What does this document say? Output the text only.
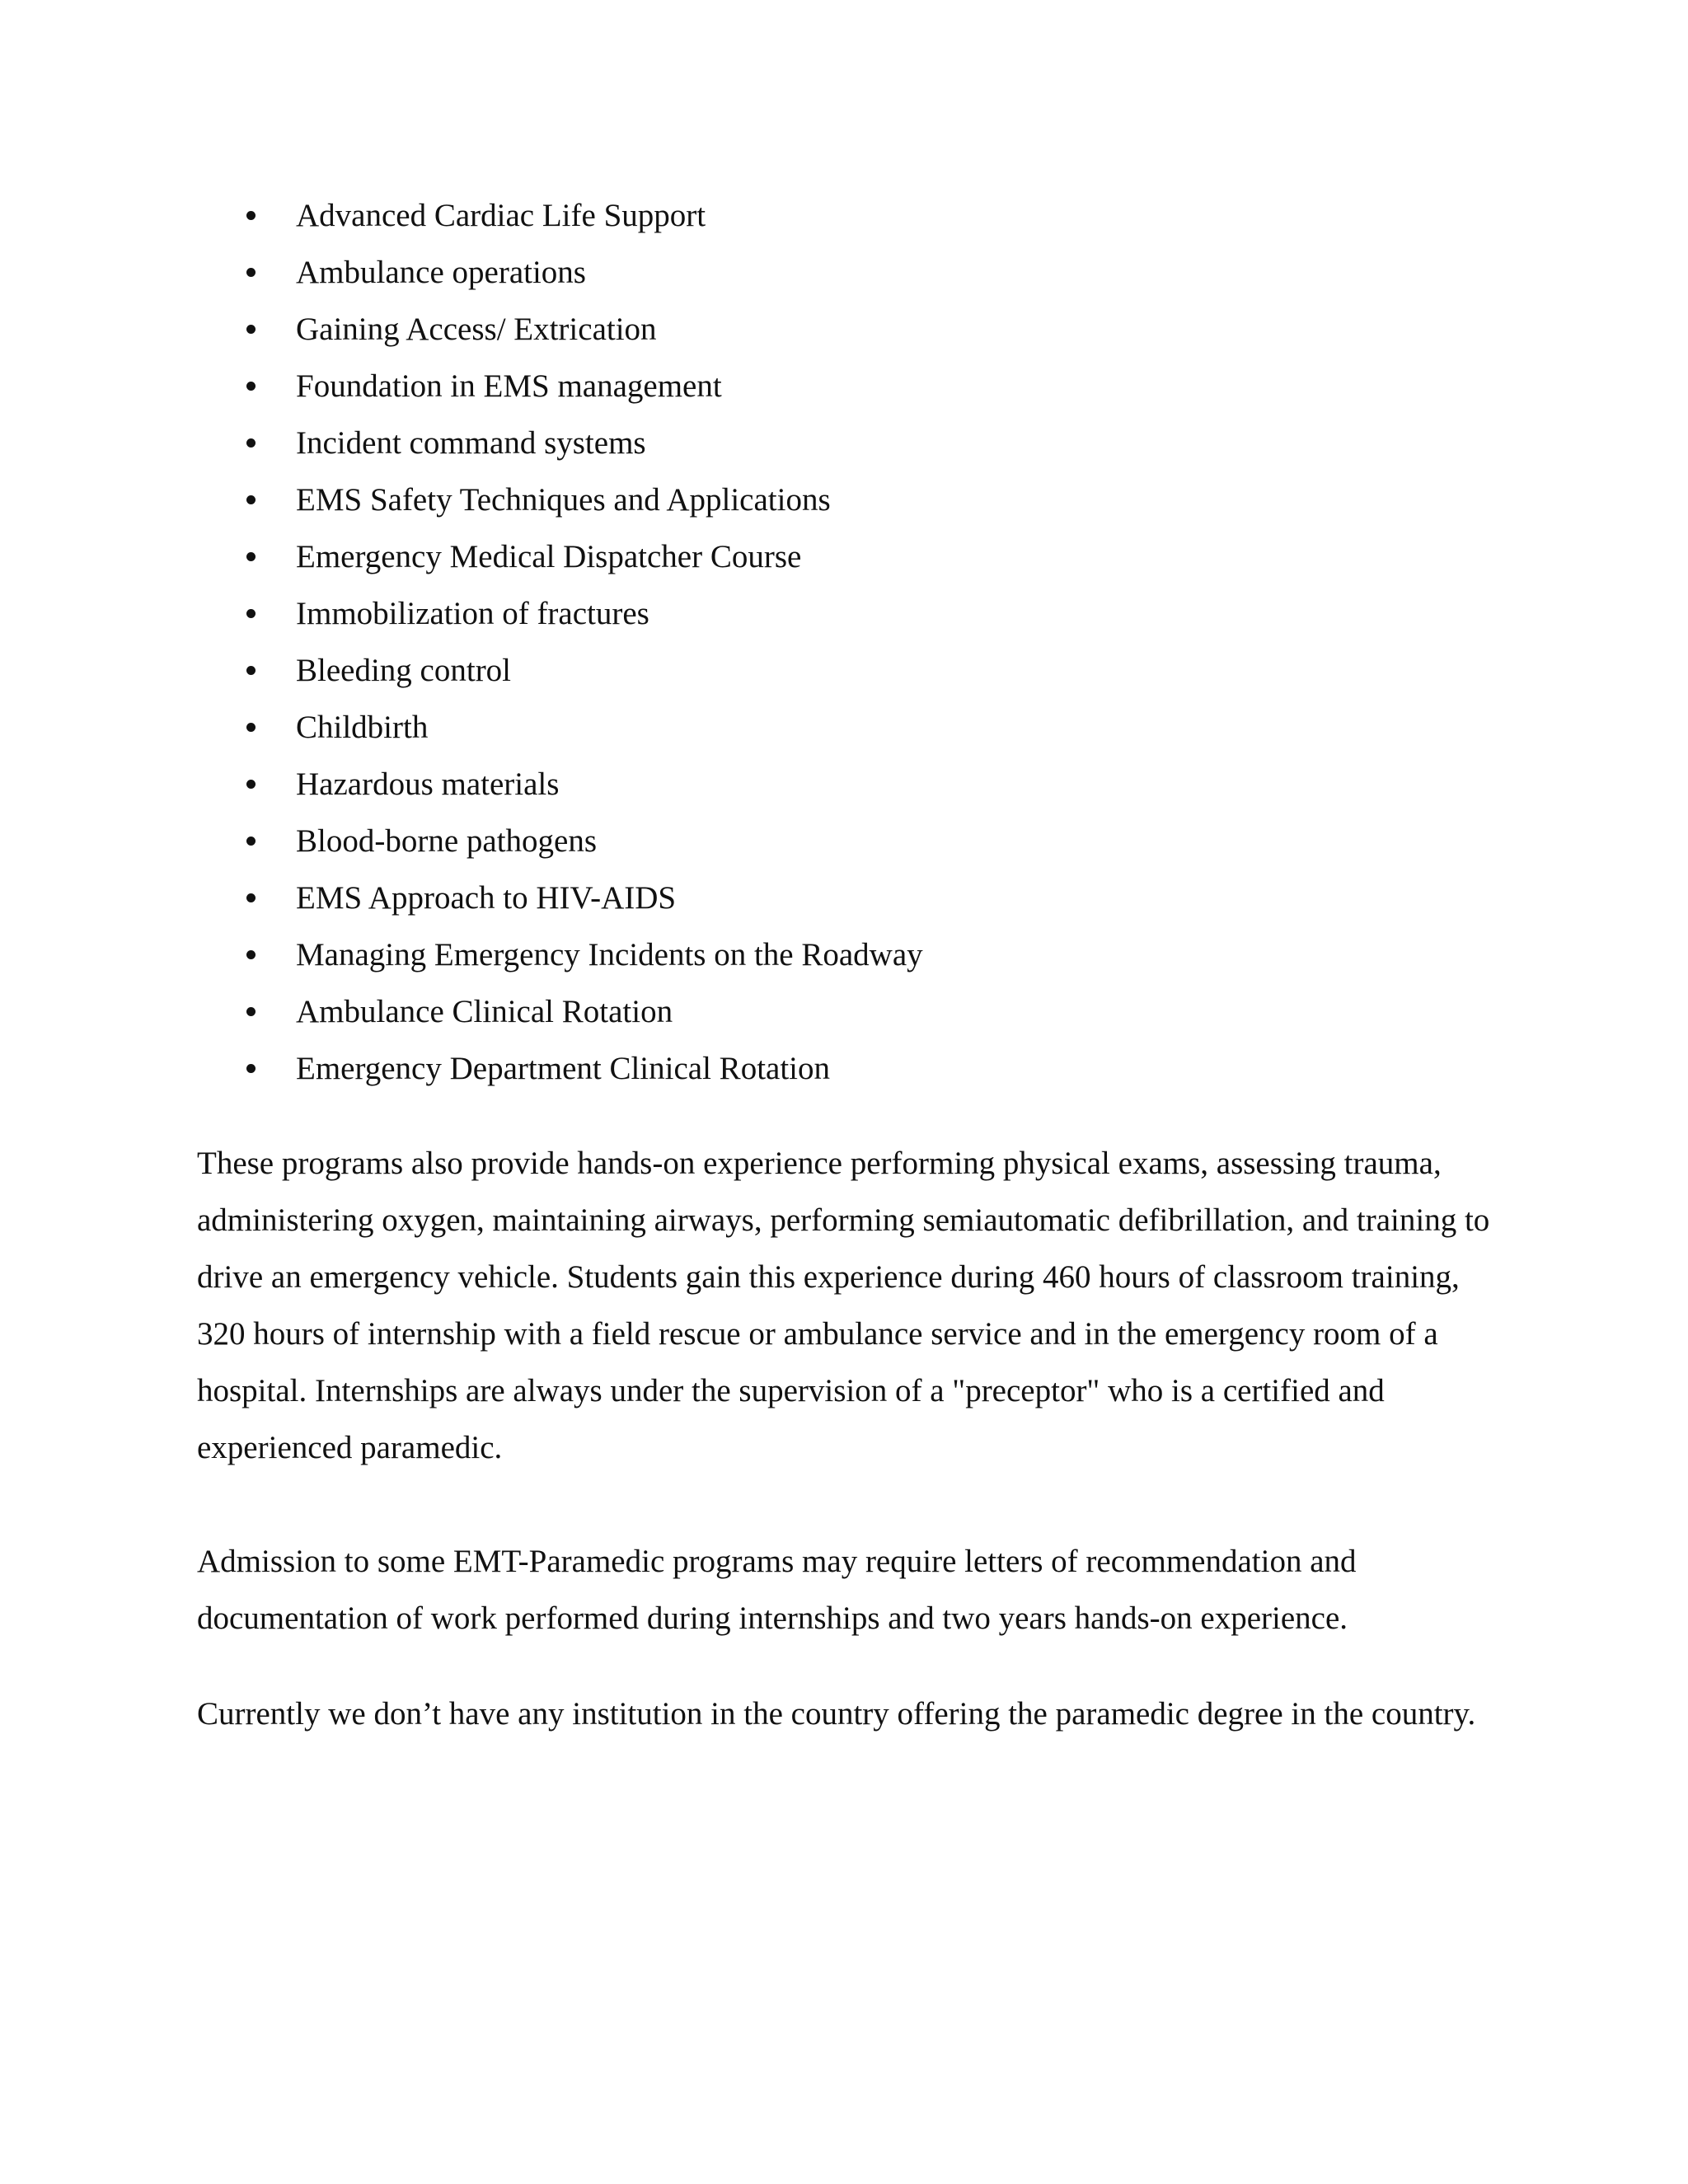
Advanced Cardiac Life Support
Ambulance operations
Gaining Access/ Extrication
Foundation in EMS management
Incident command systems
EMS Safety Techniques and Applications
Emergency Medical Dispatcher Course
Immobilization of fractures
Bleeding control
Childbirth
Hazardous materials
Blood-borne pathogens
EMS Approach to HIV-AIDS
Managing Emergency Incidents on the Roadway
Ambulance Clinical Rotation
Emergency Department Clinical Rotation

These programs also provide hands-on experience performing physical exams, assessing trauma, administering oxygen, maintaining airways, performing semiautomatic defibrillation, and training to drive an emergency vehicle. Students gain this experience during 460 hours of classroom training, 320 hours of internship with a field rescue or ambulance service and in the emergency room of a hospital. Internships are always under the supervision of a "preceptor" who is a certified and experienced paramedic.

Admission to some EMT-Paramedic programs may require letters of recommendation and documentation of work performed during internships and two years hands-on experience.

Currently we don’t have any institution in the country offering the paramedic degree in the country.
